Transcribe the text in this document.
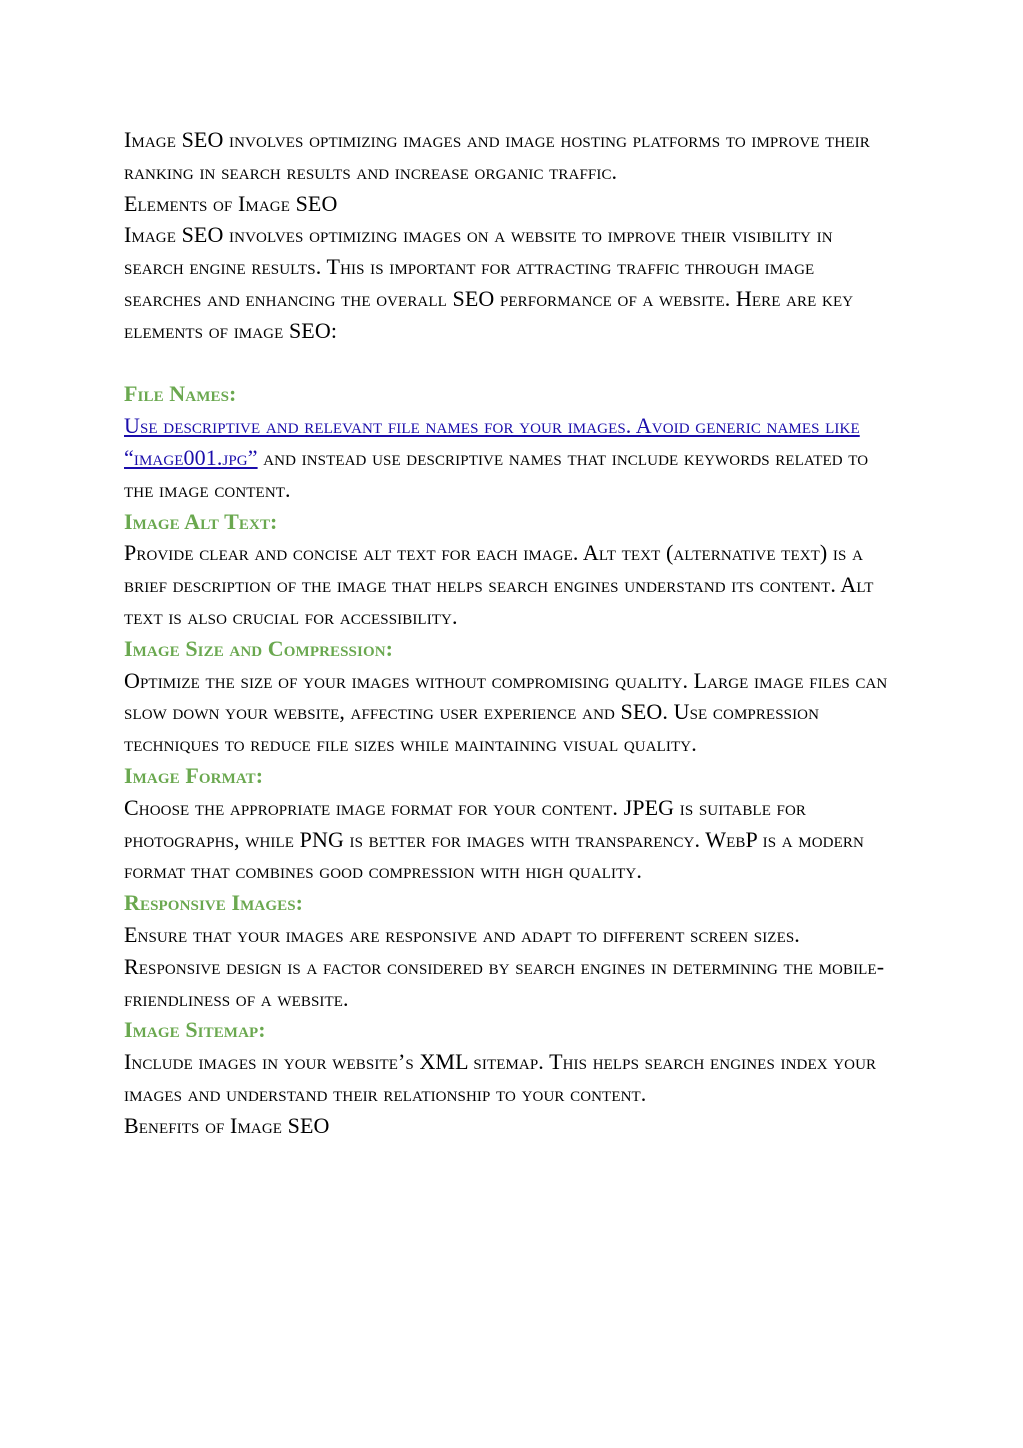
Image SEO involves optimizing images and image hosting platforms to improve their ranking in search results and increase organic traffic.

Elements of Image SEO

Image SEO involves optimizing images on a website to improve their visibility in search engine results. This is important for attracting traffic through image searches and enhancing the overall SEO performance of a website. Here are key elements of image SEO:

File Names:

Use descriptive and relevant file names for your images. Avoid generic names like “image001.jpg” and instead use descriptive names that include keywords related to the image content.

Image Alt Text:

Provide clear and concise alt text for each image. Alt text (alternative text) is a brief description of the image that helps search engines understand its content. Alt text is also crucial for accessibility.

Image Size and Compression:

Optimize the size of your images without compromising quality. Large image files can slow down your website, affecting user experience and SEO. Use compression techniques to reduce file sizes while maintaining visual quality.

Image Format:

Choose the appropriate image format for your content. JPEG is suitable for photographs, while PNG is better for images with transparency. WebP is a modern format that combines good compression with high quality.

Responsive Images:

Ensure that your images are responsive and adapt to different screen sizes. Responsive design is a factor considered by search engines in determining the mobile-friendliness of a website.

Image Sitemap:

Include images in your website’s XML sitemap. This helps search engines index your images and understand their relationship to your content.

Benefits of Image SEO
